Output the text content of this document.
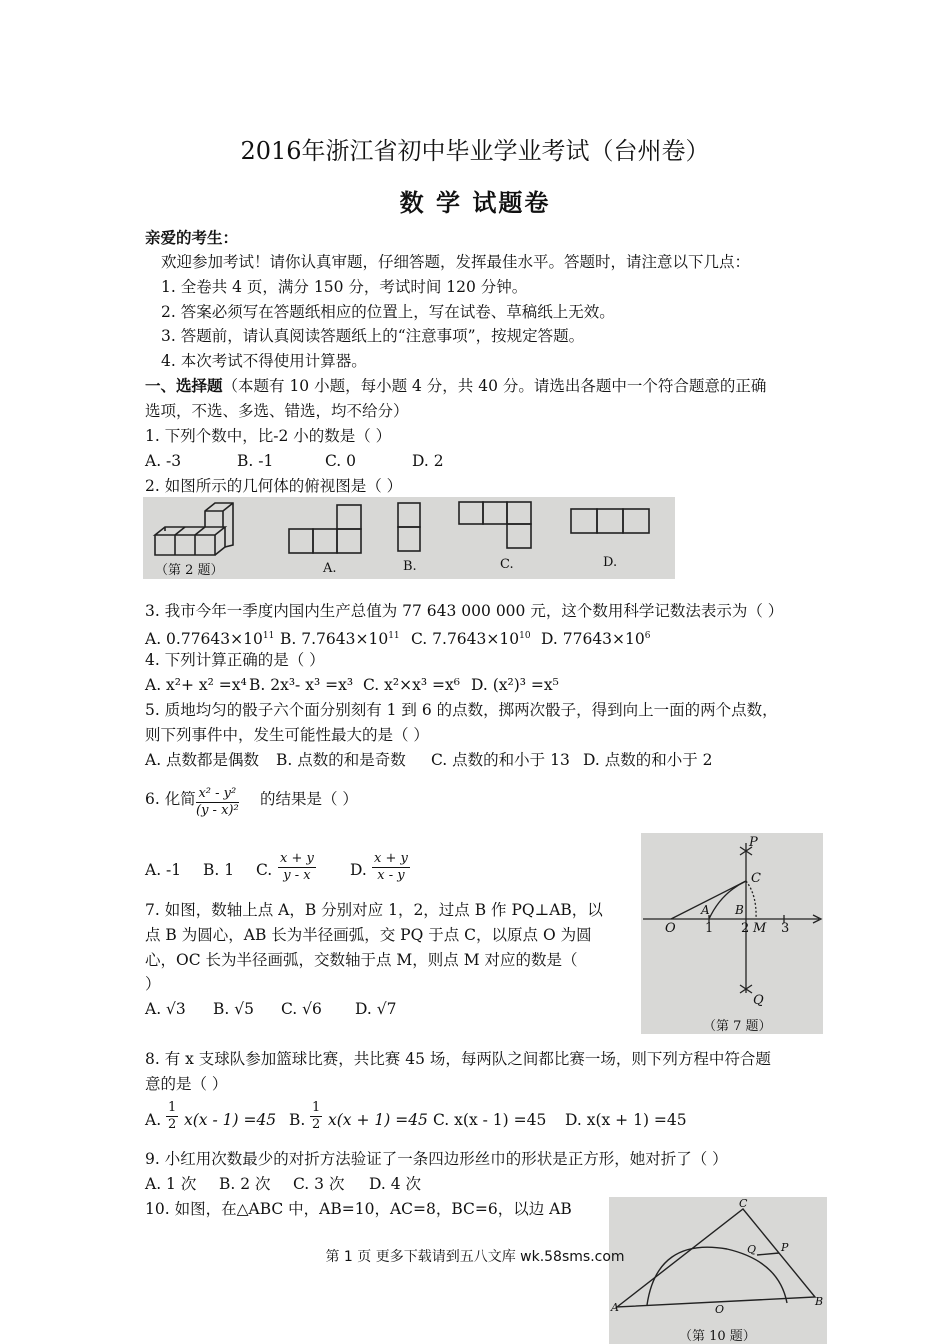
2016年浙江省初中毕业学业考试（台州卷）
数 学 试题卷
亲爱的考生：
欢迎参加考试！请你认真审题，仔细答题，发挥最佳水平。答题时，请注意以下几点：
1. 全卷共 4 页，满分 150 分，考试时间 120 分钟。
2. 答案必须写在答题纸相应的位置上，写在试卷、草稿纸上无效。
3. 答题前，请认真阅读答题纸上的“注意事项”，按规定答题。
4. 本次考试不得使用计算器。
一、选择题（本题有 10 小题，每小题 4 分，共 40 分。请选出各题中一个符合题意的正确
选项，不选、多选、错选，均不给分）
1. 下列个数中，比-2 小的数是（ ）
A. -3	B. -1	C. 0	D. 2
2. 如图所示的几何体的俯视图是（ ）
（第 2 题）	A.	B.	C.	D.
3. 我市今年一季度内国内生产总值为 77 643 000 000 元，这个数用科学记数法表示为（ ）
A. $0.77643\times 10^{11}$ B. $7.7643\times 10^{11}$ C. $7.7643\times 10^{10}$ D. $77643\times 10^6$
4. 下列计算正确的是（ ）
A. x²+ x² =x⁴ B. 2x³- x³ =x³ C. x²×x³ =x⁶ D. (x²)³ =x⁵
5. 质地均匀的骰子六个面分别刻有 1 到 6 的点数，掷两次骰子，得到向上一面的两个点数，
则下列事件中，发生可能性最大的是（ ）
A. 点数都是偶数 B. 点数的和是奇数 C. 点数的和小于 13 D. 点数的和小于 2
6. 化简 $\frac{\text{x² - y²}}{\text{(y - x)²}}$ 的结果是（ ）
A. -1 B. 1 C. $\frac{x + y}{y - x} D$. $\frac{x + y}{x - y}$
P
C
A B
O 1 2 M 3
Q
（第 7 题）
7. 如图，数轴上点 A，B 分别对应 1，2，过点 B 作 PQ⊥AB，以
点 B 为圆心，AB 长为半径画弧，交 PQ 于点 C，以原点 O 为圆
心，OC 长为半径画弧，交数轴于点 M，则点 M 对应的数是（
）
A. √3 B. √5 C. √6 D. √7
8. 有 x 支球队参加篮球比赛，共比赛 45 场，每两队之间都比赛一场，则下列方程中符合题
意的是（ ）
A. $\frac{1}{2} x(x - 1) =45$ B. $\frac{1}{2} x(x + 1) =45$ C. x(x - 1) =45 D. x(x + 1) =45
9. 小红用次数最少的对折方法验证了一条四边形丝巾的形状是正方形，她对折了（ ）
A. 1 次 B. 2 次 C. 3 次 D. 4 次
10. 如图，在△ABC 中，AB=10，AC=8，BC=6，以边 AB	C
Q P
A	O
B
（第 10 题）
第 1 页 更多下载请到五八文库 wk.58sms.com
